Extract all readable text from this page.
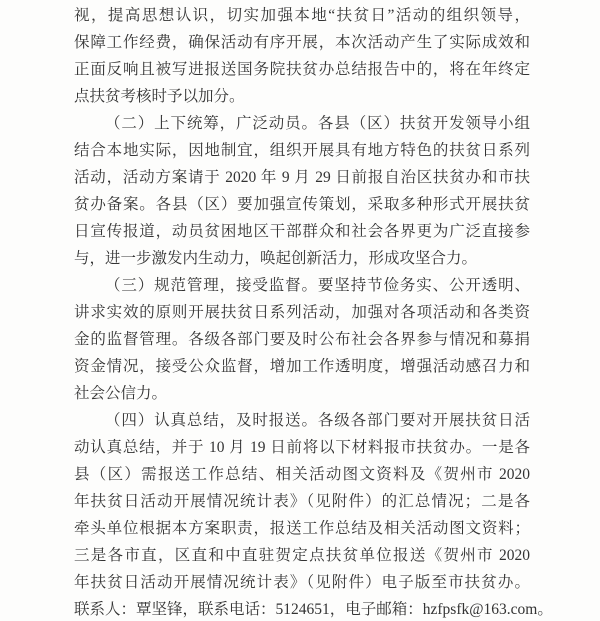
视，提高思想认识，切实加强本地“扶贫日”活动的组织领导，
保障工作经费，确保活动有序开展，本次活动产生了实际成效和
正面反响且被写进报送国务院扶贫办总结报告中的，将在年终定
点扶贫考核时予以加分。
（二）上下统筹，广泛动员。各县（区）扶贫开发领导小组
结合本地实际，因地制宜，组织开展具有地方特色的扶贫日系列
活动，活动方案请于 2020 年 9 月 29 日前报自治区扶贫办和市扶
贫办备案。各县（区）要加强宣传策划，采取多种形式开展扶贫
日宣传报道，动员贫困地区干部群众和社会各界更为广泛直接参
与，进一步激发内生动力，唤起创新活力，形成攻坚合力。
（三）规范管理，接受监督。要坚持节俭务实、公开透明、
讲求实效的原则开展扶贫日系列活动，加强对各项活动和各类资
金的监督管理。各级各部门要及时公布社会各界参与情况和募捐
资金情况，接受公众监督，增加工作透明度，增强活动感召力和
社会公信力。
（四）认真总结，及时报送。各级各部门要对开展扶贫日活
动认真总结，并于 10 月 19 日前将以下材料报市扶贫办。一是各
县（区）需报送工作总结、相关活动图文资料及《贺州市 2020
年扶贫日活动开展情况统计表》（见附件）的汇总情况；二是各
牵头单位根据本方案职责，报送工作总结及相关活动图文资料；
三是各市直，区直和中直驻贺定点扶贫单位报送《贺州市 2020
年扶贫日活动开展情况统计表》（见附件）电子版至市扶贫办。
联系人：覃坚锋，联系电话：5124651，电子邮箱：hzfpsfk@163.com。
